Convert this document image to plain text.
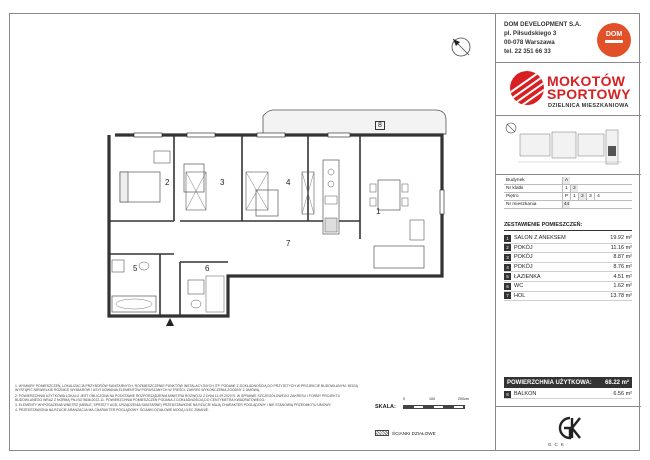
1
2	3	4
5	6
7
8

1. WYMIARY POMIESZCZEŃ, LOKALIZACJA PRZYBORÓW SANITARNYCH, ROZMIESZCZENIE PUNKTÓW INSTALACYJNYCH ITP. PODANE Z DOKŁADNOŚCIĄ DO PRZYJĘTYCH W PROJEKCIE BUDOWLANYM. MOGĄ WYSTĄPIĆ NIEWIELKIE RÓŻNICE WYMIARÓW I USYTUOWANIA ELEMENTÓW PORUSZANYCH W TREŚCI. ZAKRES WYKOŃCZENIA ZGODNY Z UMOWĄ.

2. POWIERZCHNIA UŻYTKOWA LOKALU JEST OBLICZONA NA PODSTAWIE ROZPORZĄDZENIA MINISTRA ROZWOJU Z DNIA 11.09.2020 R. W SPRAWIE SZCZEGÓŁOWEGO ZAKRESU I FORMY PROJEKTU BUDOWLANEGO WRAZ Z NORMĄ PN-ISO 9836:2022-11. POWIERZCHNIA POMIESZCZEŃ PODANA Z DOKŁADNOŚCIĄ DO CENTYMETRA KWADRATOWEGO.

3. ELEMENTY WYPOSAŻENIA WNĘTRZ (MEBLE, SPRZĘTY AGD, URZĄDZENIA SANITARNE) PRZEDSTAWIONE NA RZUCIE MAJĄ CHARAKTER POGLĄDOWY I NIE STANOWIĄ PRZEDMIOTU UMOWY.

4. PRZEDSTAWIONA NA RZUCIE ARANŻACJA MA CHARAKTER POGLĄDOWY. ŚCIANKI DZIAŁOWE MOGĄ ULEC ZMIANIE.

SKALA:
0	100	200cm
ŚCIANKI DZIAŁOWE
DOM DEVELOPMENT S.A.
pl. Piłsudskiego 3
00-078 Warszawa
tel. 22 351 66 33
DOM
MOKOTÓW
SPORTOWY
DZIELNICA MIESZKANIOWA
Budynek	A
Nr klatki	1	2
Piętro	P	1	2	3	4
Nr mieszkania	44
ZESTAWIENIE POMIESZCZEŃ:
1 SALON Z ANEKSEM	19.92 m²
2 POKÓJ	11.16 m²
3 POKÓJ	8.87 m²
4 POKÓJ	8.76 m²
5 ŁAZIENKA	4.51 m²
6 WC	1.62 m²
7 HOL	13.78 m²
POWIERZCHNIA UŻYTKOWA:	68.22 m²
8 BALKON	6.56 m²
GCK
